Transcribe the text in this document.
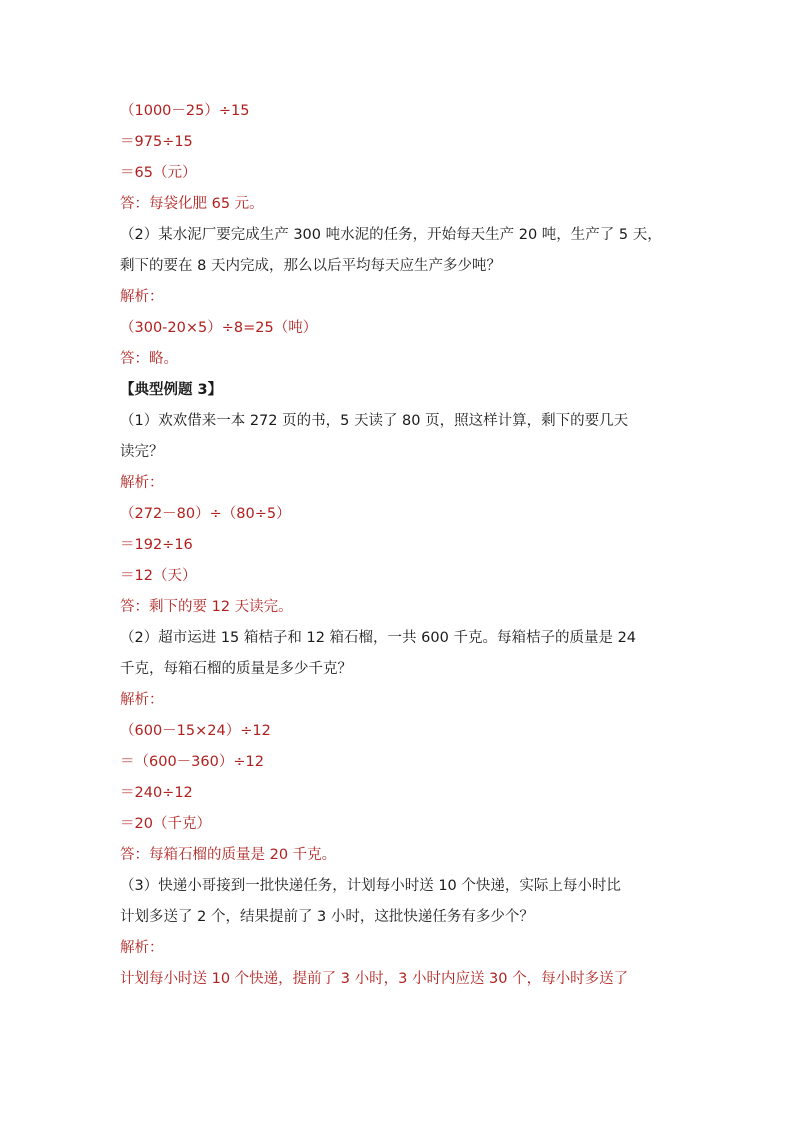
（1000－25）÷15
＝975÷15
＝65（元）
答：每袋化肥 65 元。
（2）某水泥厂要完成生产 300 吨水泥的任务，开始每天生产 20 吨，生产了 5 天，
剩下的要在 8 天内完成，那么以后平均每天应生产多少吨？
解析：
（300-20×5）÷8=25（吨）
答：略。
【典型例题 3】
（1）欢欢借来一本 272 页的书，5 天读了 80 页，照这样计算，剩下的要几天
读完？
解析：
（272－80）÷（80÷5）
＝192÷16
＝12（天）
答：剩下的要 12 天读完。
（2）超市运进 15 箱桔子和 12 箱石榴，一共 600 千克。每箱桔子的质量是 24
千克，每箱石榴的质量是多少千克？
解析：
（600－15×24）÷12
＝（600－360）÷12
＝240÷12
＝20（千克）
答：每箱石榴的质量是 20 千克。
（3）快递小哥接到一批快递任务，计划每小时送 10 个快递，实际上每小时比
计划多送了 2 个，结果提前了 3 小时，这批快递任务有多少个？
解析：
计划每小时送 10 个快递，提前了 3 小时，3 小时内应送 30 个，每小时多送了
